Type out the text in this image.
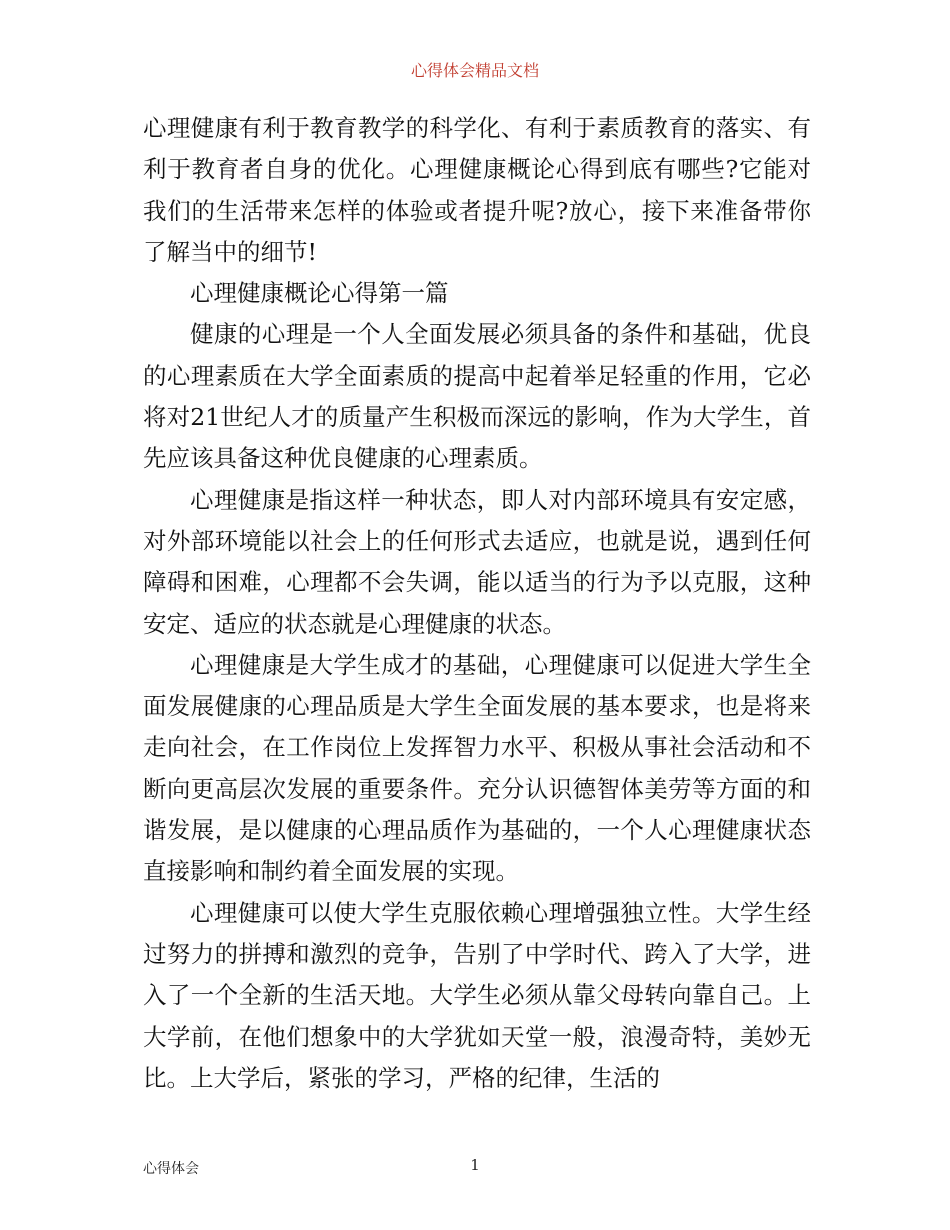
心得体会精品文档

心理健康有利于教育教学的科学化、有利于素质教育的落实、有利于教育者自身的优化。心理健康概论心得到底有哪些?它能对我们的生活带来怎样的体验或者提升呢?放心，接下来准备带你了解当中的细节!

心理健康概论心得第一篇

健康的心理是一个人全面发展必须具备的条件和基础，优良的心理素质在大学全面素质的提高中起着举足轻重的作用，它必将对21世纪人才的质量产生积极而深远的影响，作为大学生，首先应该具备这种优良健康的心理素质。

心理健康是指这样一种状态，即人对内部环境具有安定感，对外部环境能以社会上的任何形式去适应，也就是说，遇到任何障碍和困难，心理都不会失调，能以适当的行为予以克服，这种安定、适应的状态就是心理健康的状态。

心理健康是大学生成才的基础，心理健康可以促进大学生全面发展健康的心理品质是大学生全面发展的基本要求，也是将来走向社会，在工作岗位上发挥智力水平、积极从事社会活动和不断向更高层次发展的重要条件。充分认识德智体美劳等方面的和谐发展，是以健康的心理品质作为基础的，一个人心理健康状态直接影响和制约着全面发展的实现。

心理健康可以使大学生克服依赖心理增强独立性。大学生经过努力的拼搏和激烈的竞争，告别了中学时代、跨入了大学，进入了一个全新的生活天地。大学生必须从靠父母转向靠自己。上大学前，在他们想象中的大学犹如天堂一般，浪漫奇特，美妙无比。上大学后，紧张的学习，严格的纪律，生活的

心得体会	1
